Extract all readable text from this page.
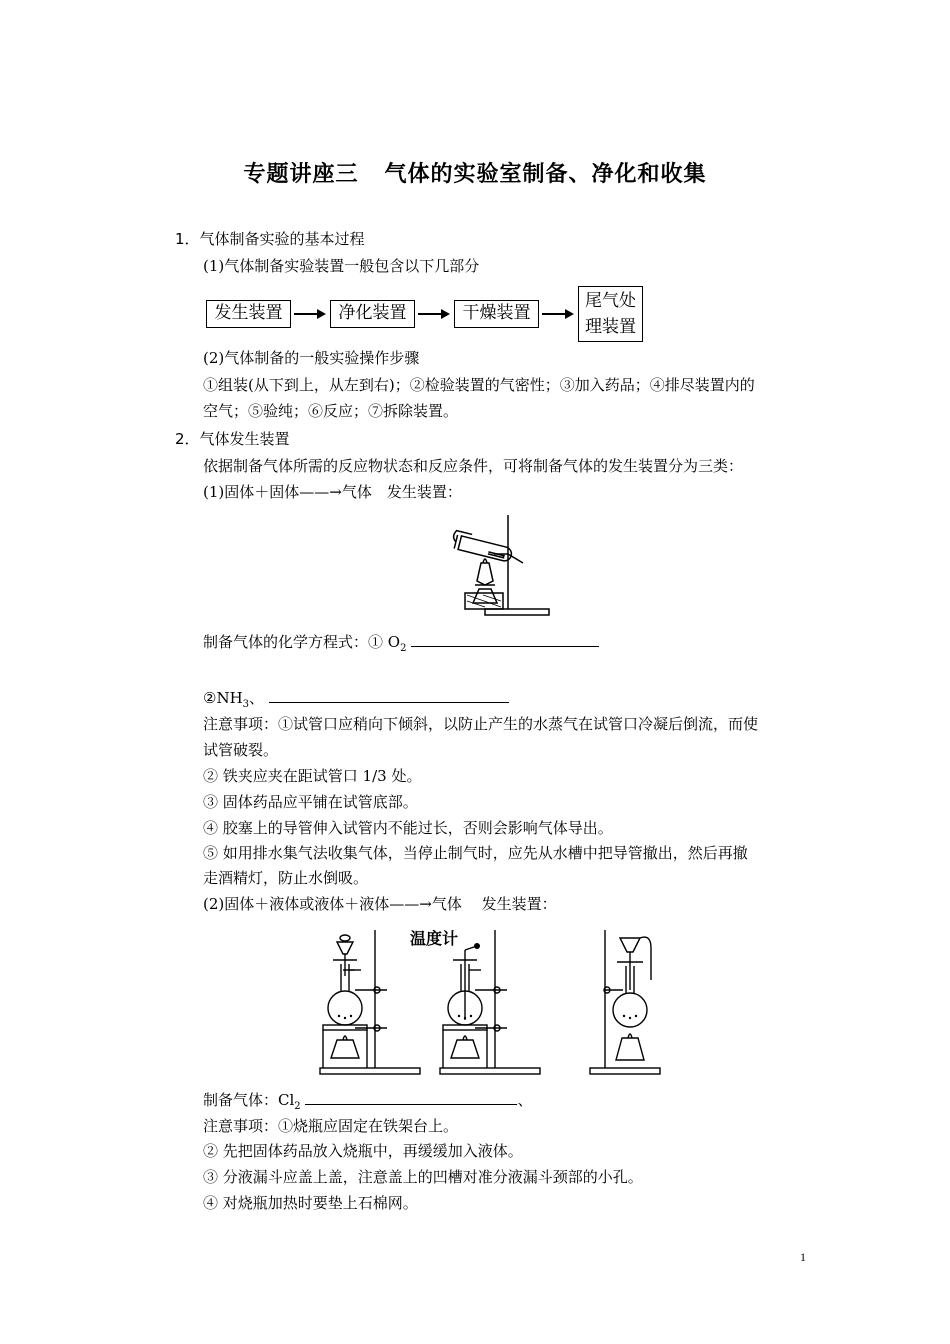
专题讲座三 气体的实验室制备、净化和收集
1．气体制备实验的基本过程
(1)气体制备实验装置一般包含以下几部分
发生装置	净化装置	干燥装置
尾气处
理装置
(2)气体制备的一般实验操作步骤
①组装(从下到上，从左到右)；②检验装置的气密性；③加入药品；④排尽装置内的
空气；⑤验纯；⑥反应；⑦拆除装置。
2．气体发生装置
依据制备气体所需的反应物状态和反应条件，可将制备气体的发生装置分为三类：
(1)固体＋固体——→气体　发生装置：
制备气体的化学方程式：① $O_2$
$②NH_3$、
注意事项：①试管口应稍向下倾斜，以防止产生的水蒸气在试管口冷凝后倒流，而使
试管破裂。
② 铁夹应夹在距试管口 1/3 处。
③ 固体药品应平铺在试管底部。
④ 胶塞上的导管伸入试管内不能过长，否则会影响气体导出。
⑤ 如用排水集气法收集气体，当停止制气时，应先从水槽中把导管撤出，然后再撤
走酒精灯，防止水倒吸。
(2)固体＋液体或液体＋液体——→气体　 发生装置：
温度计
制备气体：$Cl_2$	、
注意事项：①烧瓶应固定在铁架台上。
② 先把固体药品放入烧瓶中，再缓缓加入液体。
③ 分液漏斗应盖上盖，注意盖上的凹槽对准分液漏斗颈部的小孔。
④ 对烧瓶加热时要垫上石棉网。
1
